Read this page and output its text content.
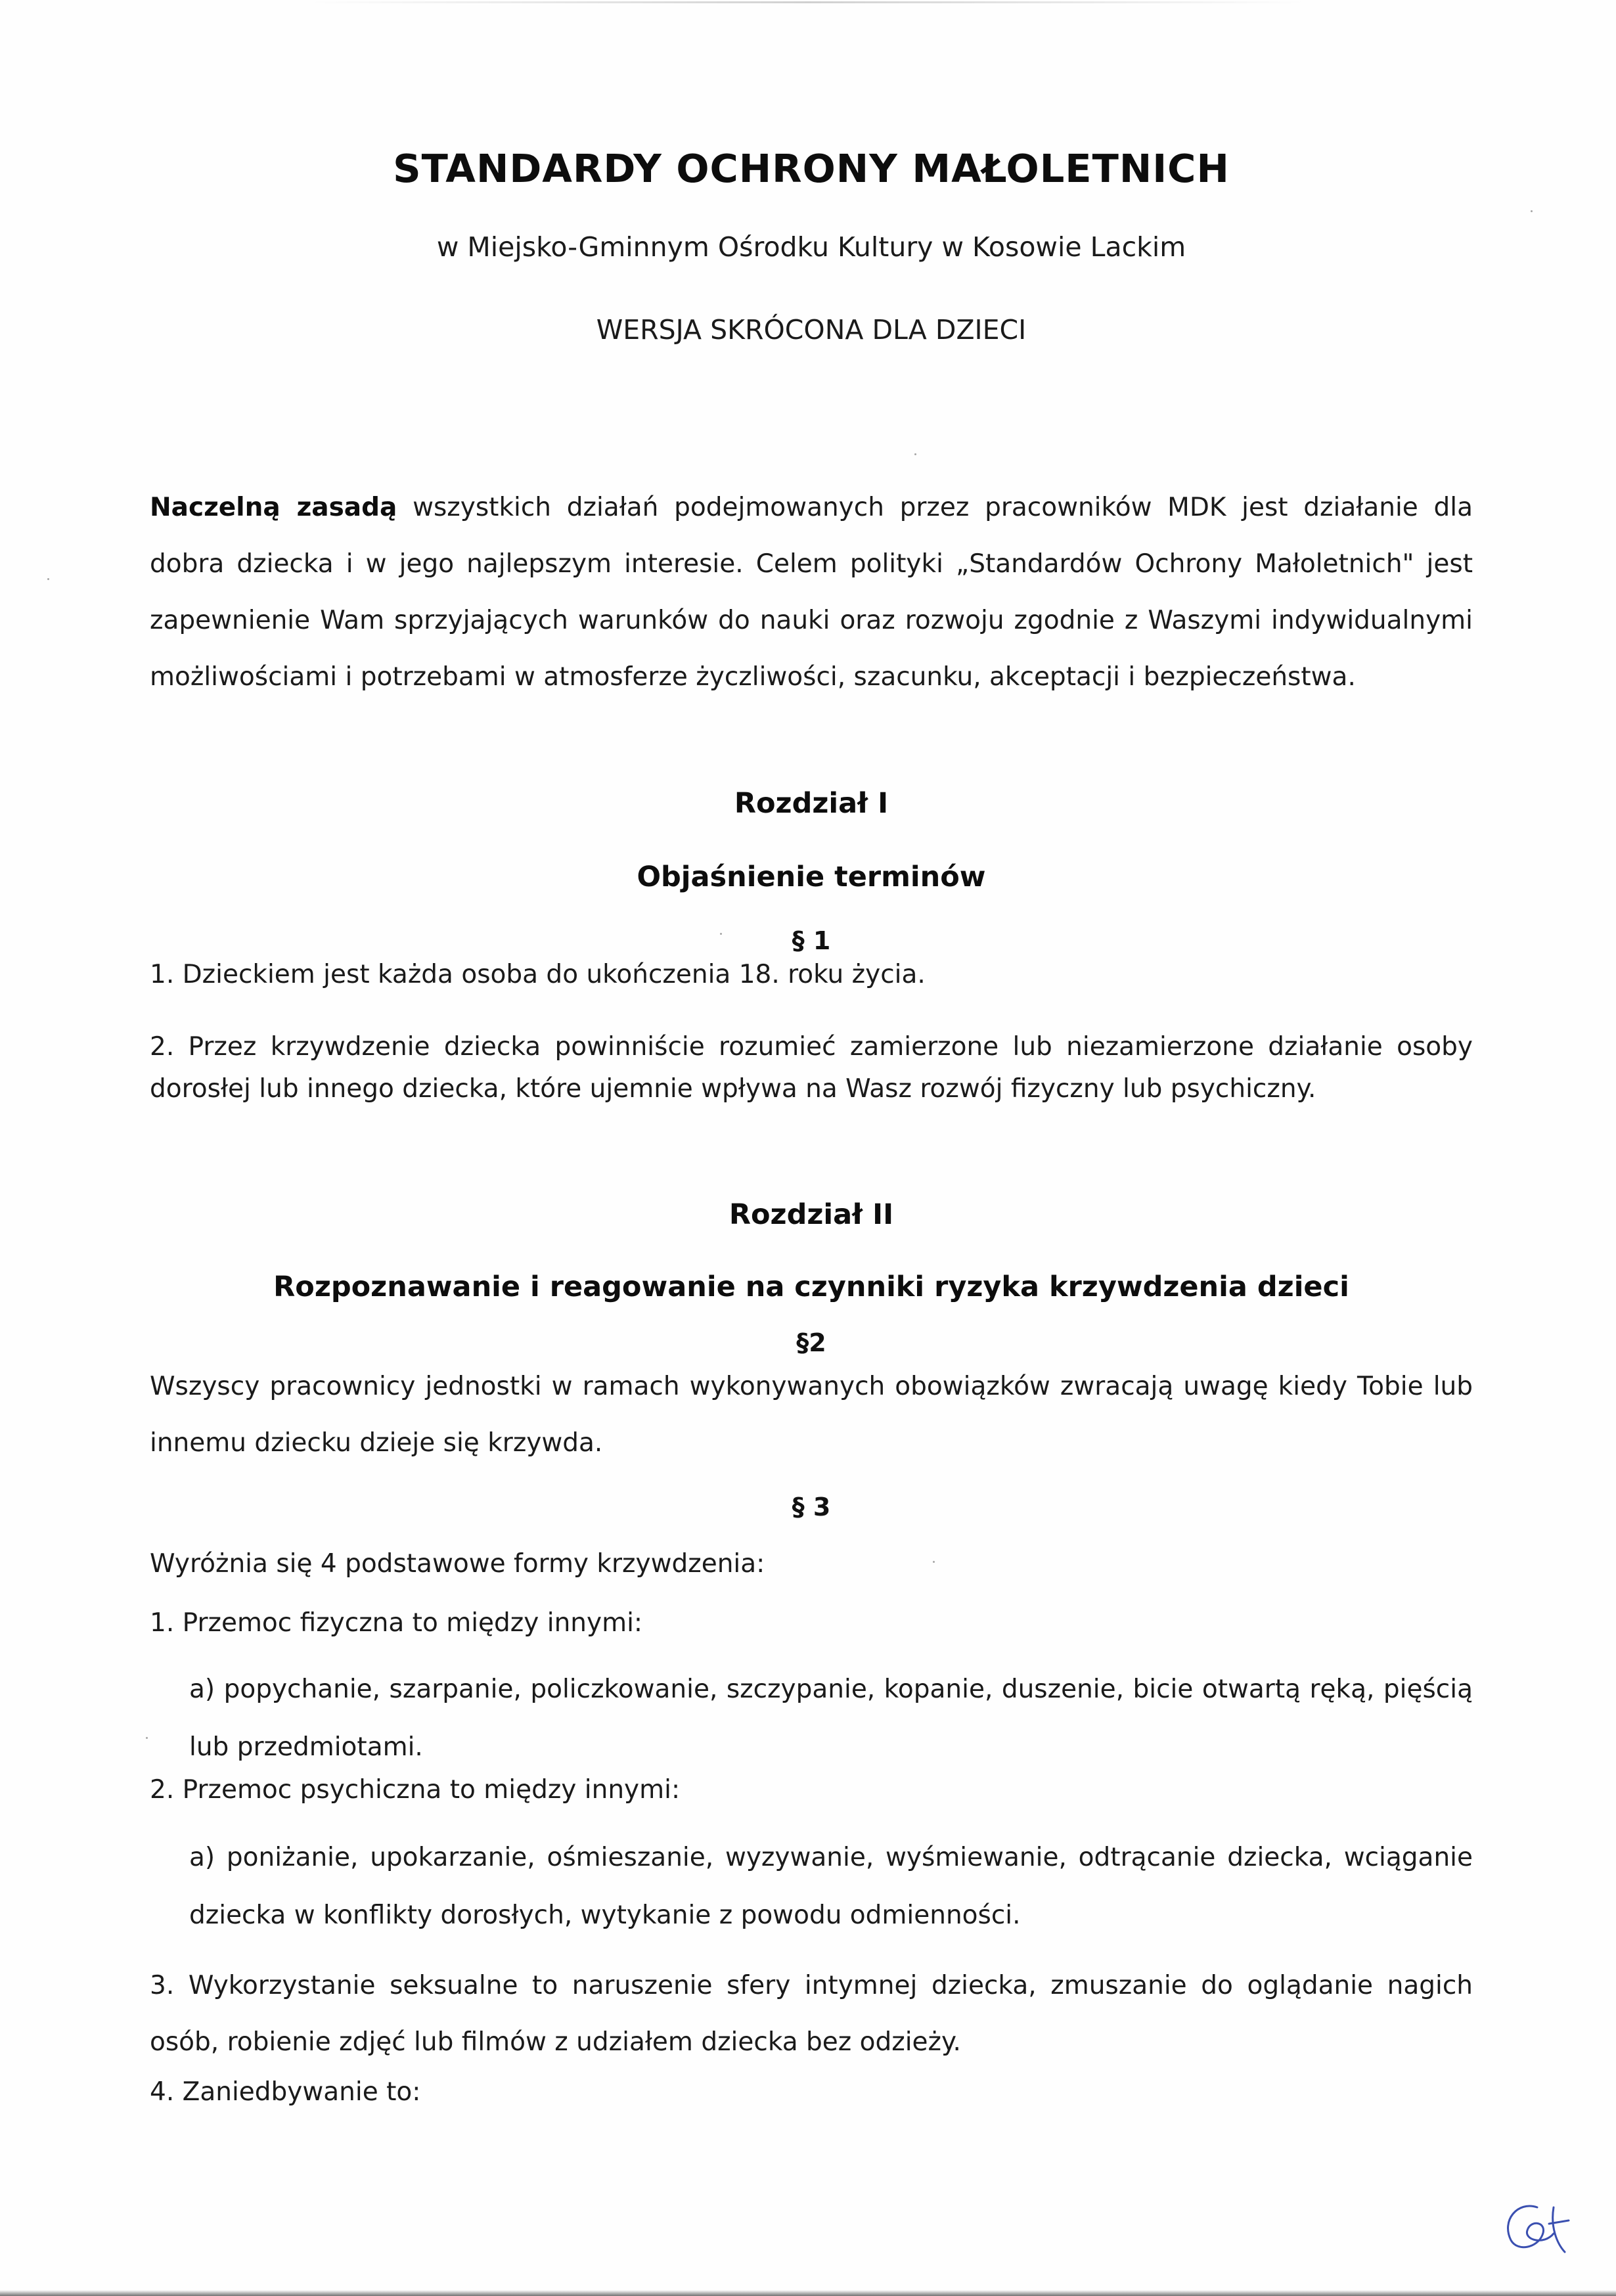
STANDARDY OCHRONY MAŁOLETNICH
w Miejsko-Gminnym Ośrodku Kultury w Kosowie Lackim
WERSJA SKRÓCONA DLA DZIECI

Naczelną zasadą wszystkich działań podejmowanych przez pracowników MDK jest działanie dla dobra dziecka i w jego najlepszym interesie. Celem polityki „Standardów Ochrony Małoletnich" jest zapewnienie Wam sprzyjających warunków do nauki oraz rozwoju zgodnie z Waszymi indywidualnymi możliwościami i potrzebami w atmosferze życzliwości, szacunku, akceptacji i bezpieczeństwa.

Rozdział I
Objaśnienie terminów
§ 1
1. Dzieckiem jest każda osoba do ukończenia 18. roku życia.
2. Przez krzywdzenie dziecka powinniście rozumieć zamierzone lub niezamierzone działanie osoby dorosłej lub innego dziecka, które ujemnie wpływa na Wasz rozwój fizyczny lub psychiczny.
Rozdział II
Rozpoznawanie i reagowanie na czynniki ryzyka krzywdzenia dzieci
§2
Wszyscy pracownicy jednostki w ramach wykonywanych obowiązków zwracają uwagę kiedy Tobie lub innemu dziecku dzieje się krzywda.
§ 3
Wyróżnia się 4 podstawowe formy krzywdzenia:
1. Przemoc fizyczna to między innymi:
a) popychanie, szarpanie, policzkowanie, szczypanie, kopanie, duszenie, bicie otwartą ręką, pięścią lub przedmiotami.
2. Przemoc psychiczna to między innymi:
a) poniżanie, upokarzanie, ośmieszanie, wyzywanie, wyśmiewanie, odtrącanie dziecka, wciąganie dziecka w konflikty dorosłych, wytykanie z powodu odmienności.
3. Wykorzystanie seksualne to naruszenie sfery intymnej dziecka, zmuszanie do oglądanie nagich osób, robienie zdjęć lub filmów z udziałem dziecka bez odzieży.
4. Zaniedbywanie to:
